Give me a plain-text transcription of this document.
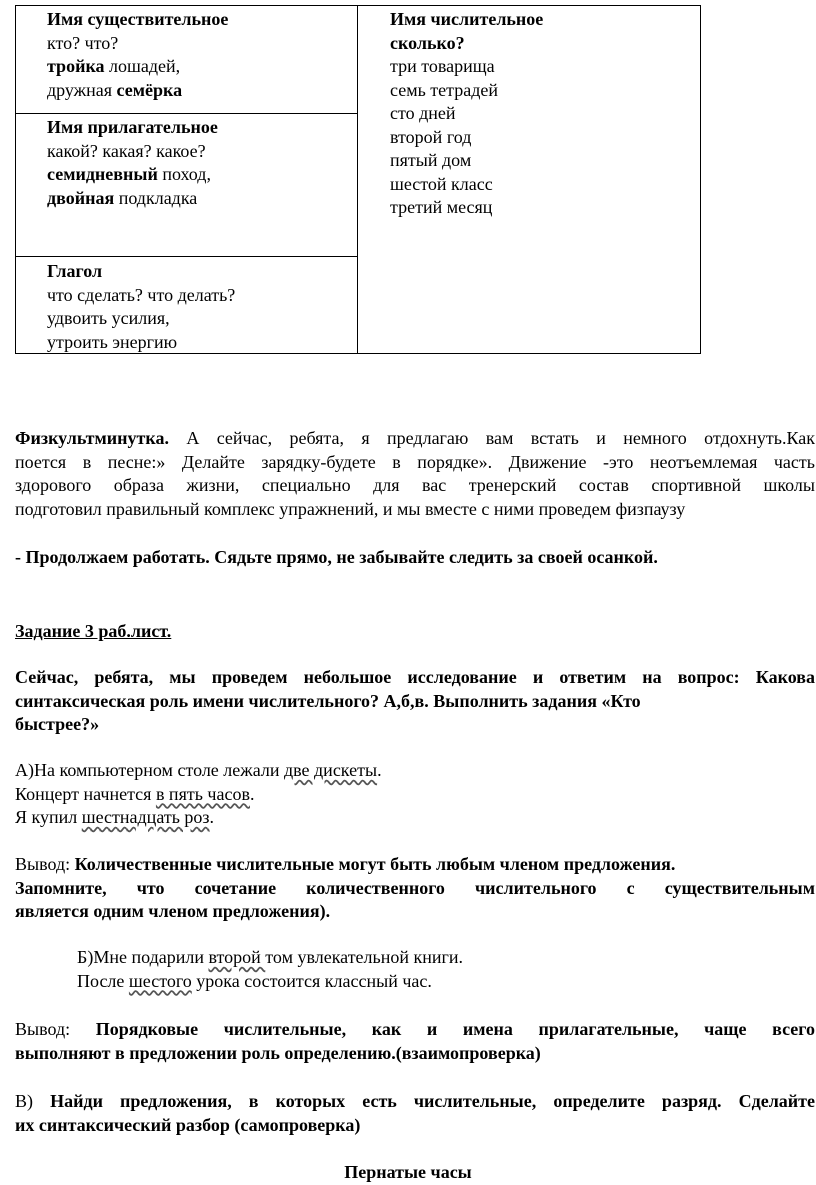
Имя существительное
кто? что?
тройка лошадей,
дружная семёрка
Имя прилагательное
какой? какая? какое?
семидневный поход,
двойная подкладка
Глагол
что сделать? что делать?
удвоить усилия,
утроить энергию
Имя числительное
сколько?
три товарища
семь тетрадей
сто дней
второй год
пятый дом
шестой класс
третий месяц
Физкультминутка. А сейчас, ребята, я предлагаю вам встать и немного отдохнуть.Как
поется в песне:» Делайте зарядку-будете в порядке». Движение -это неотъемлемая часть
здорового образа жизни, специально для вас тренерский состав спортивной школы
подготовил правильный комплекс упражнений, и мы вместе с ними проведем физпаузу
- Продолжаем работать. Сядьте прямо, не забывайте следить за своей осанкой.
Задание 3 раб.лист.
Сейчас, ребята, мы проведем небольшое исследование и ответим на вопрос: Какова
синтаксическая роль имени числительного? А,б,в. Выполнить задания «Кто
быстрее?»
А)На компьютерном столе лежали две дискеты.
Концерт начнется в пять часов.
Я купил шестнадцать роз.
Вывод: Количественные числительные могут быть любым членом предложения.
Запомните, что сочетание количественного числительного с существительным
является одним членом предложения).
Б)Мне подарили второй том увлекательной книги.
После шестого урока состоится классный час.
Вывод: Порядковые числительные, как и имена прилагательные, чаще всего
выполняют в предложении роль определению.(взаимопроверка)
В) Найди предложения, в которых есть числительные, определите разряд. Сделайте
их синтаксический разбор (самопроверка)
Пернатые часы
